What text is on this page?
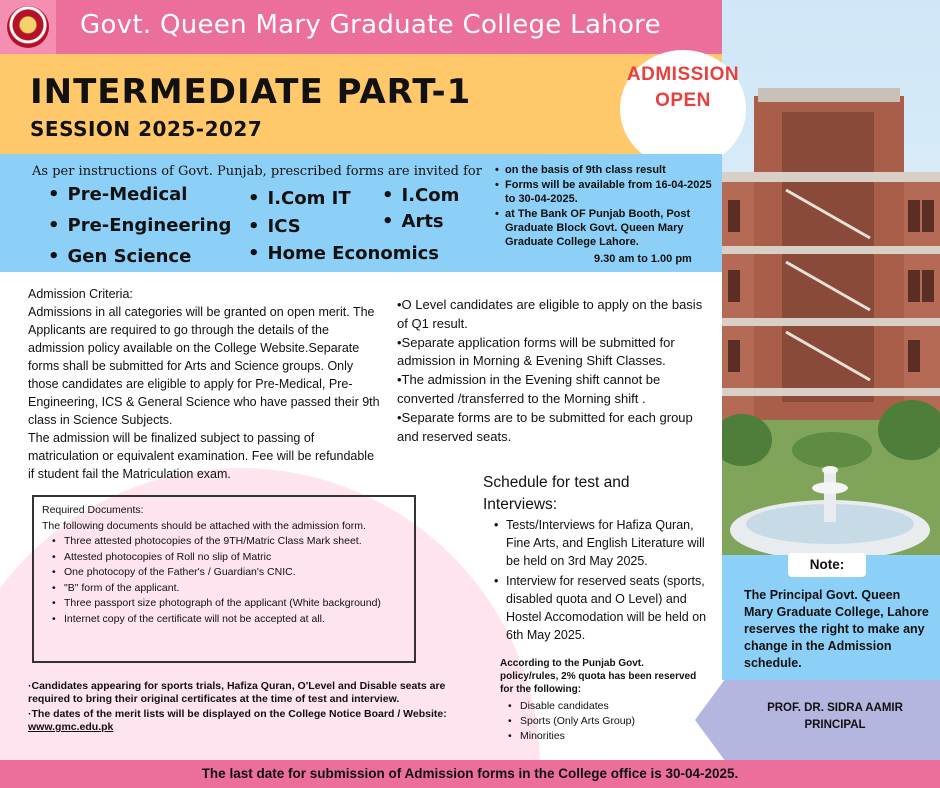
Govt. Queen Mary Graduate College Lahore
INTERMEDIATE PART-1
SESSION 2025-2027
ADMISSION
OPEN
As per instructions of Govt. Punjab, prescribed forms are invited for
• Pre-Medical
• Pre-Engineering
• Gen Science
• I.Com IT
• ICS
• Home Economics
• I.Com
• Arts
• on the basis of 9th class result
• Forms will be available from 16-04-2025 to 30-04-2025.
• at The Bank OF Punjab Booth, Post Graduate Block Govt. Queen Mary Graduate College Lahore.
9.30 am to 1.00 pm
Admission Criteria:
Admissions in all categories will be granted on open merit. The Applicants are required to go through the details of the admission policy available on the College Website.Separate forms shall be submitted for Arts and Science groups. Only those candidates are eligible to apply for Pre-Medical, Pre-Engineering, ICS & General Science who have passed their 9th class in Science Subjects.
The admission will be finalized subject to passing of matriculation or equivalent examination. Fee will be refundable if student fail the Matriculation exam.
•O Level candidates are eligible to apply on the basis of Q1 result.
•Separate application forms will be submitted for admission in Morning & Evening Shift Classes.
•The admission in the Evening shift cannot be converted /transferred to the Morning shift .
•Separate forms are to be submitted for each group and reserved seats.
Required Documents:
The following documents should be attached with the admission form.
• Three attested photocopies of the 9TH/Matric Class Mark sheet.
• Attested photocopies of Roll no slip of Matric
• One photocopy of the Father's / Guardian's CNIC.
• "B" form of the applicant.
• Three passport size photograph of the applicant (White background)
• Internet copy of the certificate will not be accepted at all.

·Candidates appearing for sports trials, Hafiza Quran, O'Level and Disable seats are required to bring their original certificates at the time of test and interview.

·The dates of the merit lists will be displayed on the College Notice Board / Website:
www.gmc.edu.pk

Schedule for test and Interviews:
• Tests/Interviews for Hafiza Quran, Fine Arts, and English Literature will be held on 3rd May 2025.
• Interview for reserved seats (sports, disabled quota and O Level) and Hostel Accomodation will be held on 6th May 2025.
According to the Punjab Govt. policy/rules, 2% quota has been reserved for the following:
• Disable candidates
• Sports (Only Arts Group)
• Minorities
Note:
The Principal Govt. Queen Mary Graduate College, Lahore reserves the right to make any change in the Admission schedule.
PROF. DR. SIDRA AAMIR
PRINCIPAL
The last date for submission of Admission forms in the College office is 30-04-2025.
